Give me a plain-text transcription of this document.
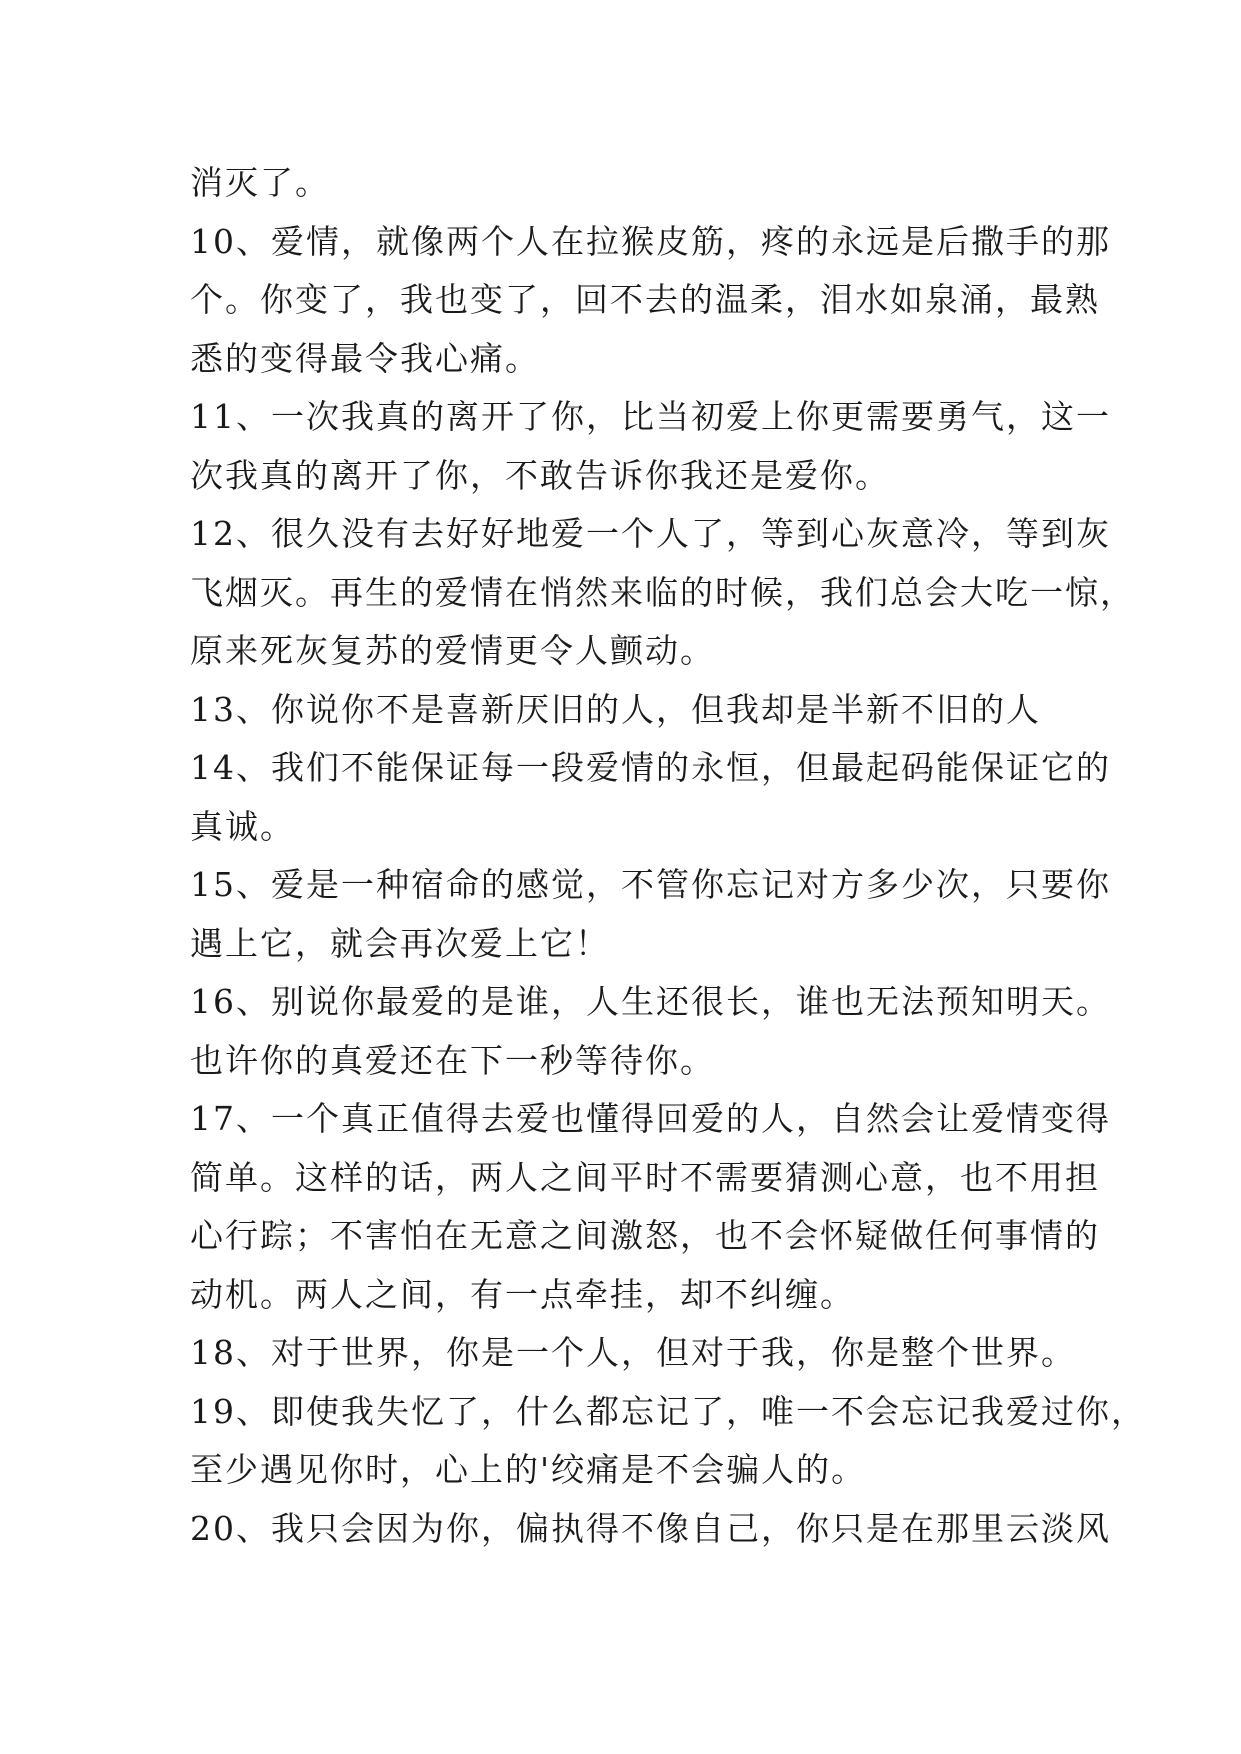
消灭了。
10、爱情，就像两个人在拉猴皮筋，疼的永远是后撒手的那
个。你变了，我也变了，回不去的温柔，泪水如泉涌，最熟
悉的变得最令我心痛。
11、一次我真的离开了你，比当初爱上你更需要勇气，这一
次我真的离开了你，不敢告诉你我还是爱你。
12、很久没有去好好地爱一个人了，等到心灰意冷，等到灰
飞烟灭。再生的爱情在悄然来临的时候，我们总会大吃一惊，
原来死灰复苏的爱情更令人颤动。
13、你说你不是喜新厌旧的人，但我却是半新不旧的人
14、我们不能保证每一段爱情的永恒，但最起码能保证它的
真诚。
15、爱是一种宿命的感觉，不管你忘记对方多少次，只要你
遇上它，就会再次爱上它！
16、别说你最爱的是谁，人生还很长，谁也无法预知明天。
也许你的真爱还在下一秒等待你。
17、一个真正值得去爱也懂得回爱的人，自然会让爱情变得
简单。这样的话，两人之间平时不需要猜测心意，也不用担
心行踪；不害怕在无意之间激怒，也不会怀疑做任何事情的
动机。两人之间，有一点牵挂，却不纠缠。
18、对于世界，你是一个人，但对于我，你是整个世界。
19、即使我失忆了，什么都忘记了，唯一不会忘记我爱过你，
至少遇见你时，心上的'绞痛是不会骗人的。
20、我只会因为你，偏执得不像自己，你只是在那里云淡风
